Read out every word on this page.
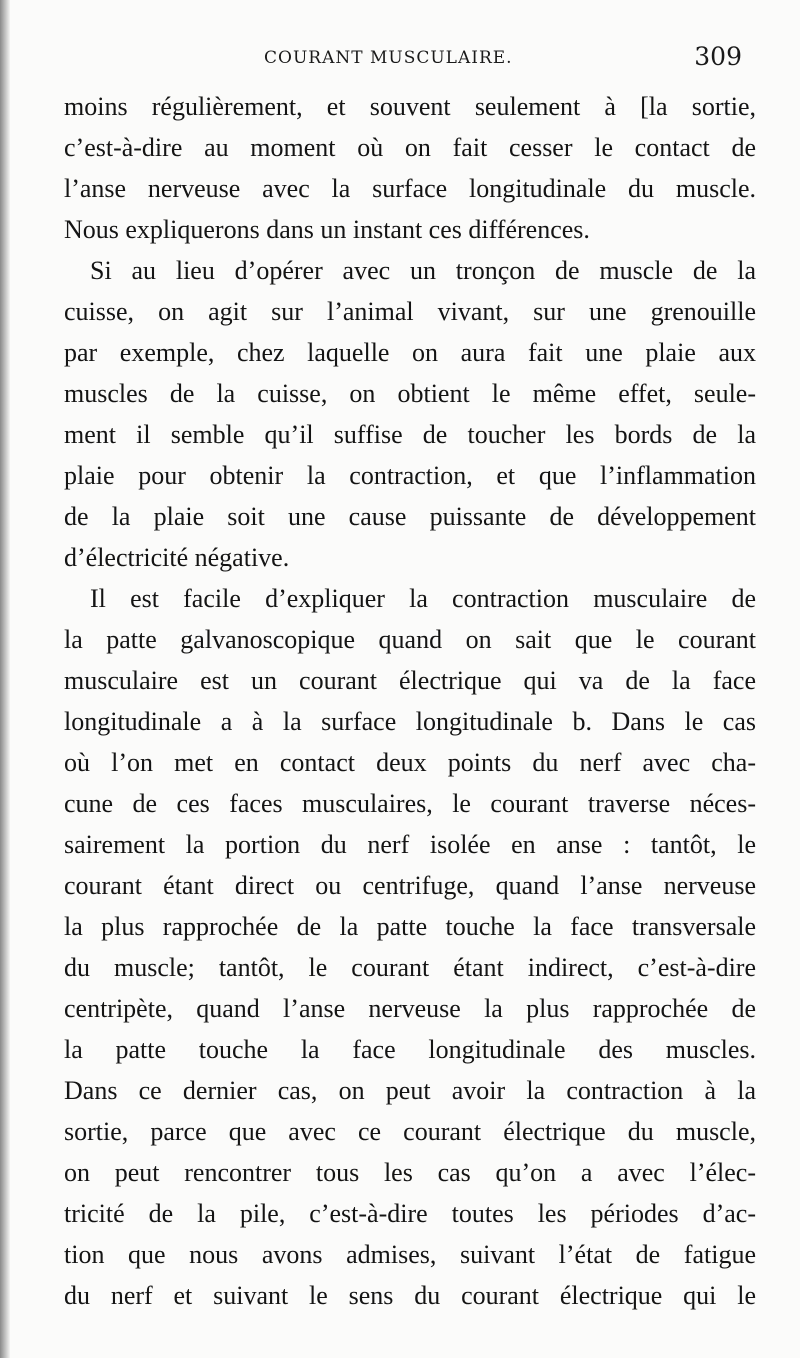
COURANT MUSCULAIRE.	309
moins régulièrement, et souvent seulement à [la sortie,
c’est-à-dire au moment où on fait cesser le contact de
l’anse nerveuse avec la surface longitudinale du muscle.
Nous expliquerons dans un instant ces différences.
Si au lieu d’opérer avec un tronçon de muscle de la
cuisse, on agit sur l’animal vivant, sur une grenouille
par exemple, chez laquelle on aura fait une plaie aux
muscles de la cuisse, on obtient le même effet, seule-
ment il semble qu’il suffise de toucher les bords de la
plaie pour obtenir la contraction, et que l’inflammation
de la plaie soit une cause puissante de développement
d’électricité négative.
Il est facile d’expliquer la contraction musculaire de
la patte galvanoscopique quand on sait que le courant
musculaire est un courant électrique qui va de la face
longitudinale a à la surface longitudinale b. Dans le cas
où l’on met en contact deux points du nerf avec cha-
cune de ces faces musculaires, le courant traverse néces-
sairement la portion du nerf isolée en anse : tantôt, le
courant étant direct ou centrifuge, quand l’anse nerveuse
la plus rapprochée de la patte touche la face transversale
du muscle; tantôt, le courant étant indirect, c’est-à-dire
centripète, quand l’anse nerveuse la plus rapprochée de
la patte touche la face longitudinale des muscles.
Dans ce dernier cas, on peut avoir la contraction à la
sortie, parce que avec ce courant électrique du muscle,
on peut rencontrer tous les cas qu’on a avec l’élec-
tricité de la pile, c’est-à-dire toutes les périodes d’ac-
tion que nous avons admises, suivant l’état de fatigue
du nerf et suivant le sens du courant électrique qui le
